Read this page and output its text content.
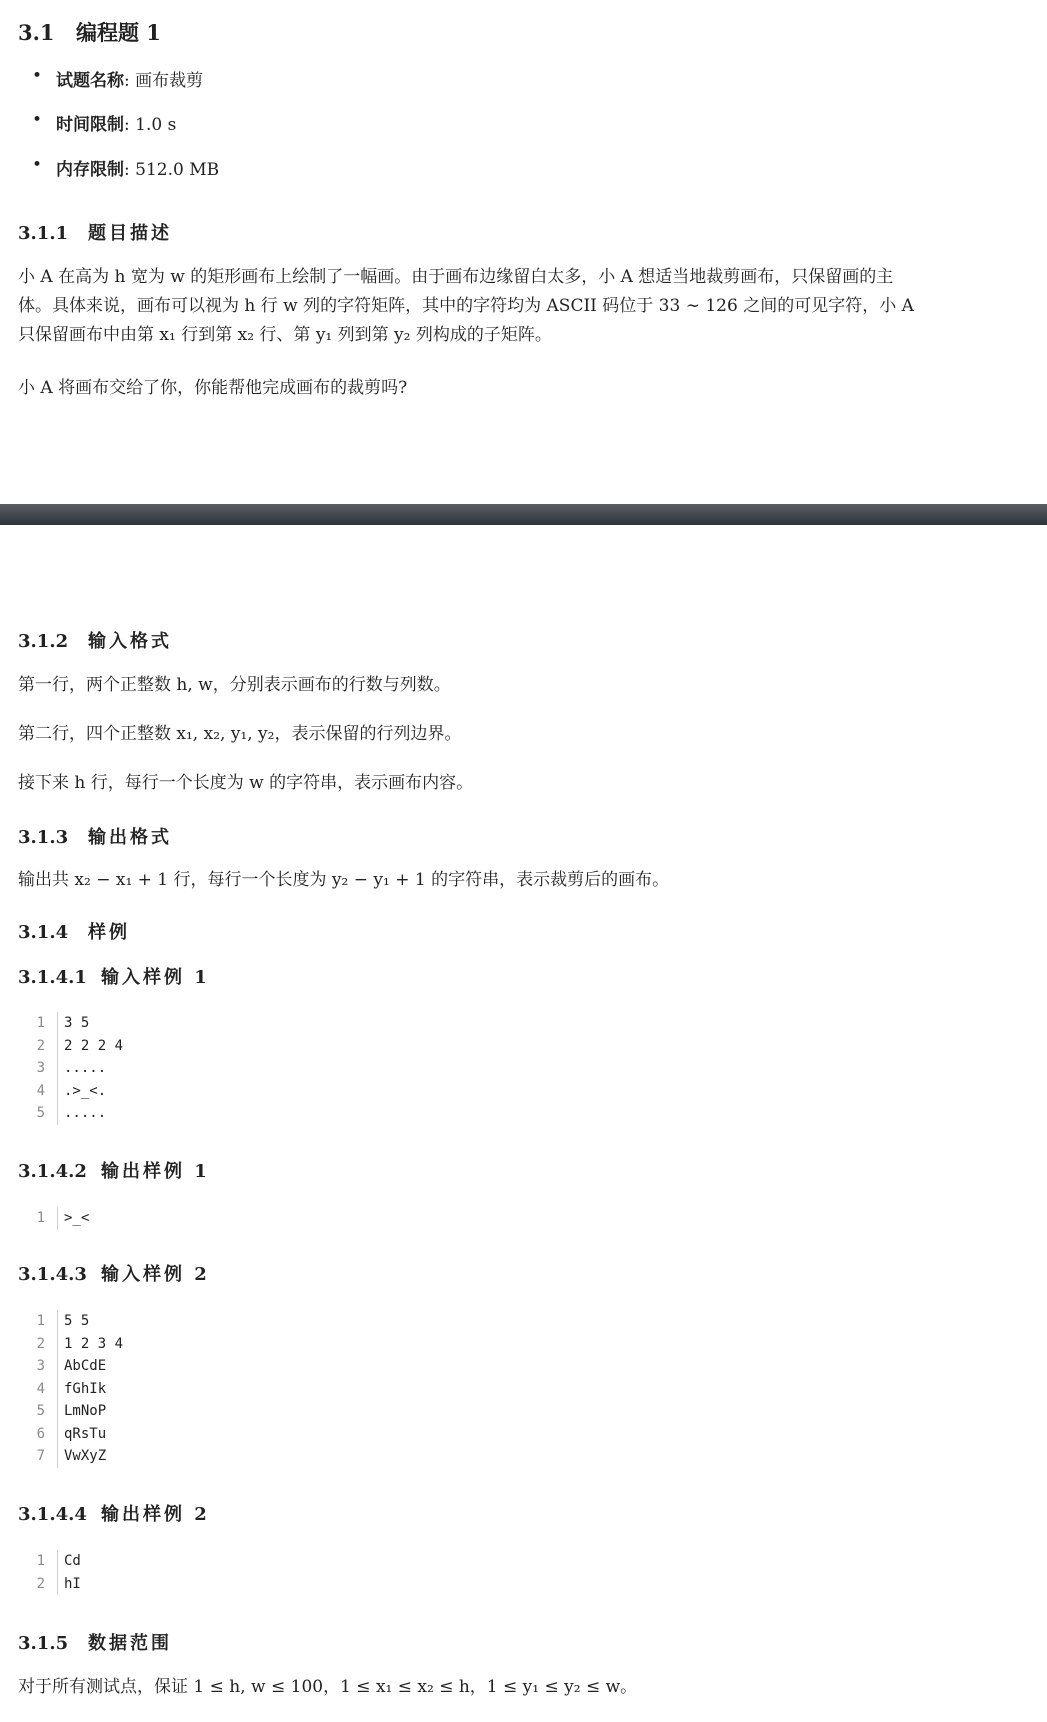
3.1 编程题 1
• 试题名称: 画布裁剪
• 时间限制: 1.0 s
• 内存限制: 512.0 MB
3.1.1 题目描述

小 A 在高为 h 宽为 w 的矩形画布上绘制了一幅画。由于画布边缘留白太多，小 A 想适当地裁剪画布，只保留画的主

体。具体来说，画布可以视为 h 行 w 列的字符矩阵，其中的字符均为 ASCII 码位于 33 ∼ 126 之间的可见字符，小 A

只保留画布中由第 x₁ 行到第 x₂ 行、第 y₁ 列到第 y₂ 列构成的子矩阵。

小 A 将画布交给了你，你能帮他完成画布的裁剪吗?

3.1.2 输入格式

第一行，两个正整数 h, w，分别表示画布的行数与列数。

第二行，四个正整数 x₁, x₂, y₁, y₂，表示保留的行列边界。

接下来 h 行，每行一个长度为 w 的字符串，表示画布内容。

3.1.3 输出格式

输出共 x₂ − x₁ + 1 行，每行一个长度为 y₂ − y₁ + 1 的字符串，表示裁剪后的画布。

3.1.4 样例
3.1.4.1 输入样例 1
1	3 5
2	2 2 2 4
3	.....
4	.>_<.
5	.....
3.1.4.2 输出样例 1
1	>_<
3.1.4.3 输入样例 2
1	5 5
2	1 2 3 4
3	AbCdE
4	fGhIk
5	LmNoP
6	qRsTu
7	VwXyZ
3.1.4.4 输出样例 2
1	Cd
2	hI
3.1.5 数据范围

对于所有测试点，保证 1 ≤ h, w ≤ 100，1 ≤ x₁ ≤ x₂ ≤ h，1 ≤ y₁ ≤ y₂ ≤ w。
